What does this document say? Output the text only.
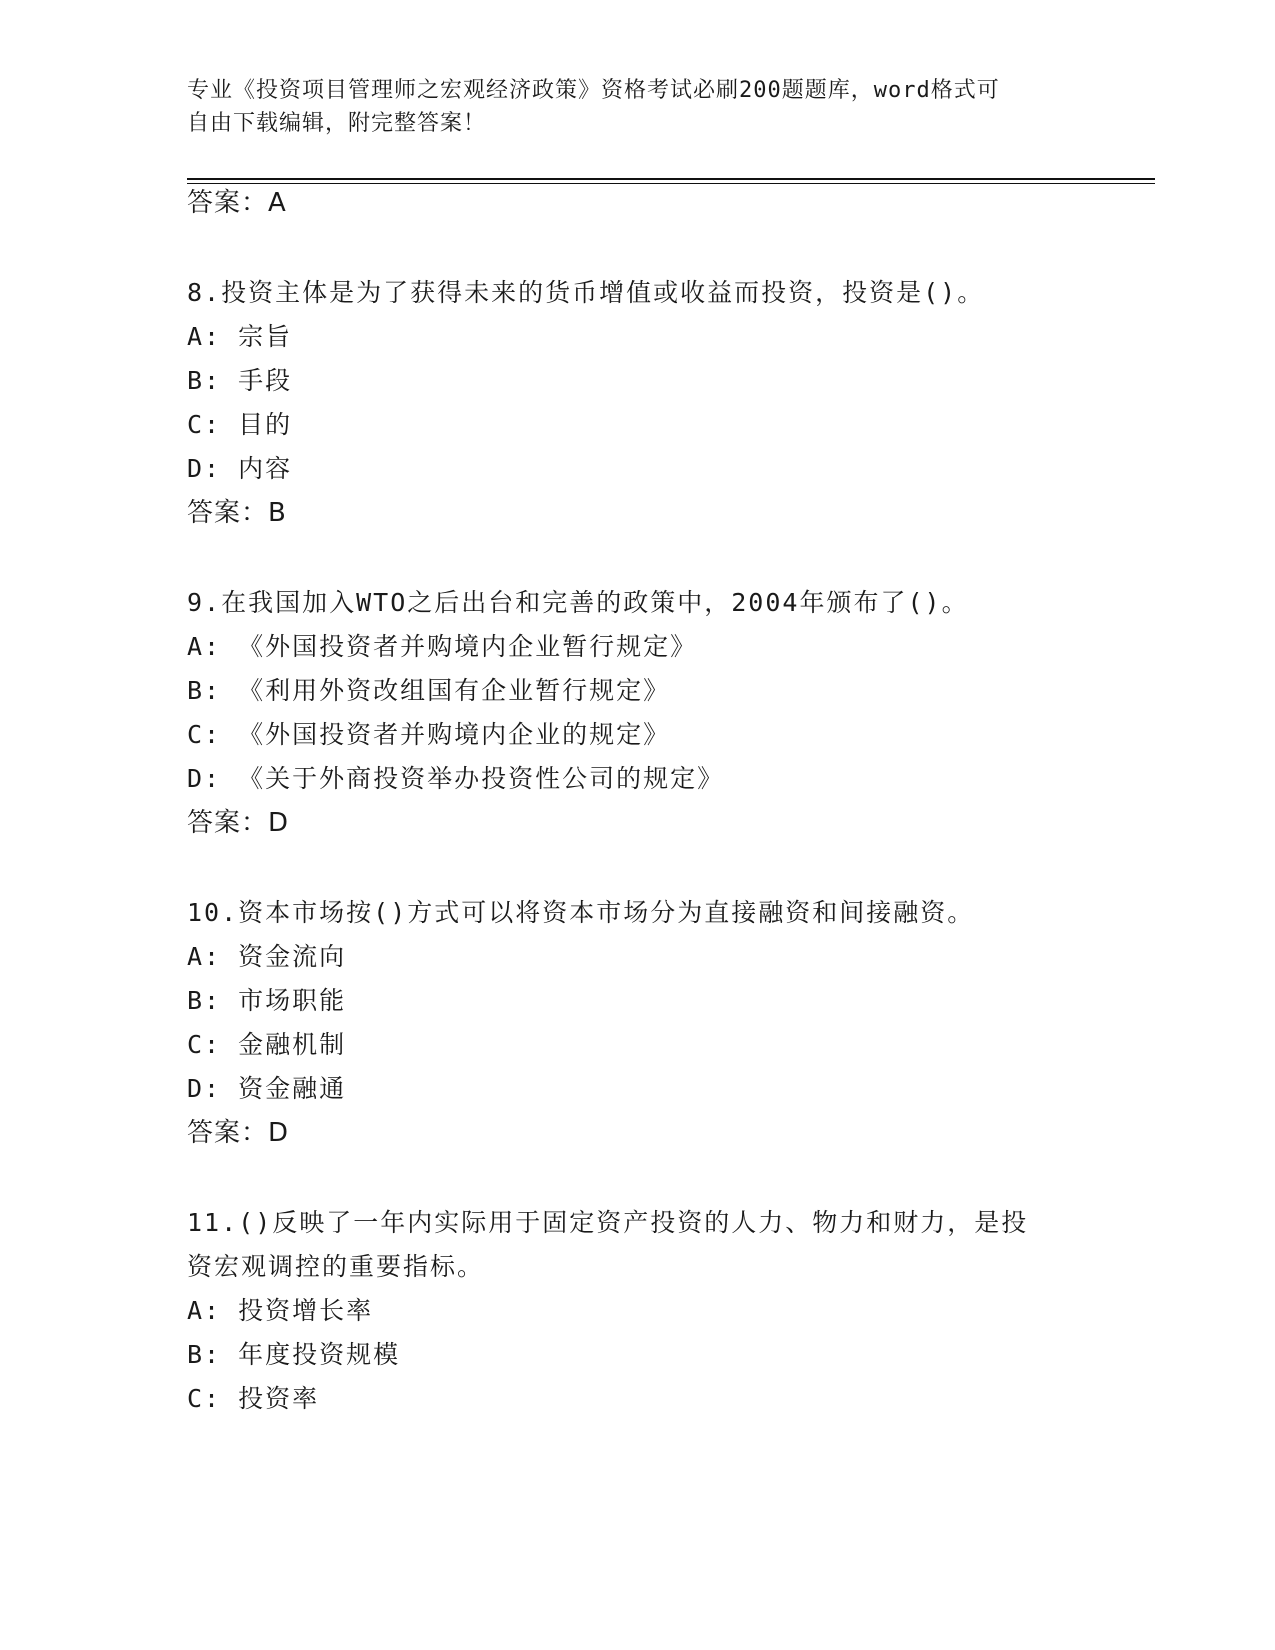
专业《投资项目管理师之宏观经济政策》资格考试必刷200题题库，word格式可
自由下载编辑，附完整答案！
答案：A
8.投资主体是为了获得未来的货币增值或收益而投资，投资是()。
A: 宗旨
B: 手段
C: 目的
D: 内容
答案：B
9.在我国加入WTO之后出台和完善的政策中，2004年颁布了()。
A: 《外国投资者并购境内企业暂行规定》
B: 《利用外资改组国有企业暂行规定》
C: 《外国投资者并购境内企业的规定》
D: 《关于外商投资举办投资性公司的规定》
答案：D
10.资本市场按()方式可以将资本市场分为直接融资和间接融资。
A: 资金流向
B: 市场职能
C: 金融机制
D: 资金融通
答案：D
11.()反映了一年内实际用于固定资产投资的人力、物力和财力，是投
资宏观调控的重要指标。
A: 投资增长率
B: 年度投资规模
C: 投资率
